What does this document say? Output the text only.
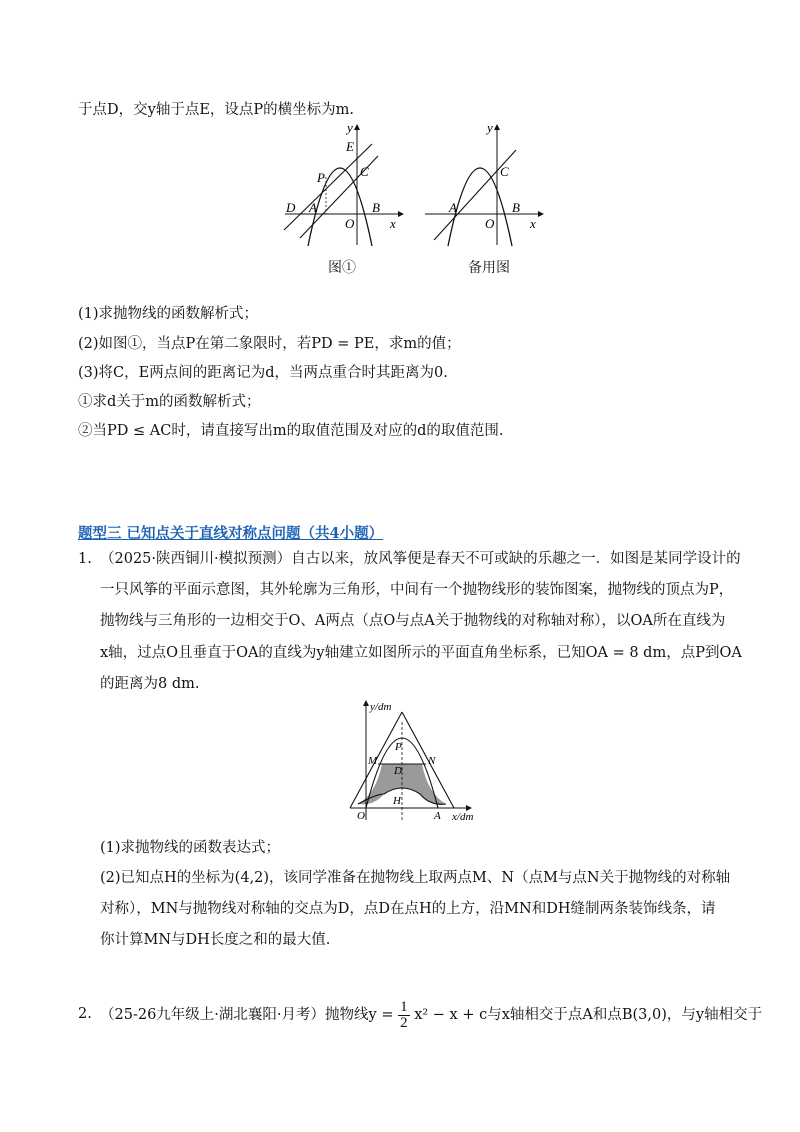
于点D，交y轴于点E，设点P的横坐标为m.
y
x
E
P	C
D A
O
B
图①
y
x
C
A
O
B
备用图
(1)求抛物线的函数解析式；
(2)如图①，当点P在第二象限时，若PD = PE，求m的值；
(3)将C，E两点间的距离记为d，当两点重合时其距离为0.
①求d关于m的函数解析式；
②当PD ≤ AC时，请直接写出m的取值范围及对应的d的取值范围.
题型三 已知点关于直线对称点问题（共4小题）
1. （2025·陕西铜川·模拟预测）自古以来，放风筝便是春天不可或缺的乐趣之一．如图是某同学设计的
一只风筝的平面示意图，其外轮廓为三角形，中间有一个抛物线形的装饰图案，抛物线的顶点为P，
抛物线与三角形的一边相交于O、A两点（点O与点A关于抛物线的对称轴对称），以OA所在直线为
x轴，过点O且垂直于OA的直线为y轴建立如图所示的平面直角坐标系，已知OA = 8 dm，点P到OA
的距离为8 dm.
y/dm
x/dm
P
M	N
D
H
O	A
(1)求抛物线的函数表达式；
(2)已知点H的坐标为(4,2)，该同学准备在抛物线上取两点M、N（点M与点N关于抛物线的对称轴
对称），MN与抛物线对称轴的交点为D，点D在点H的上方，沿MN和DH缝制两条装饰线条，请
你计算MN与DH长度之和的最大值.
2. （25-26九年级上·湖北襄阳·月考）抛物线$y = \frac{1}{2} x^2 - x + c$与x轴相交于点A和点B(3,0)，与y轴相交于
